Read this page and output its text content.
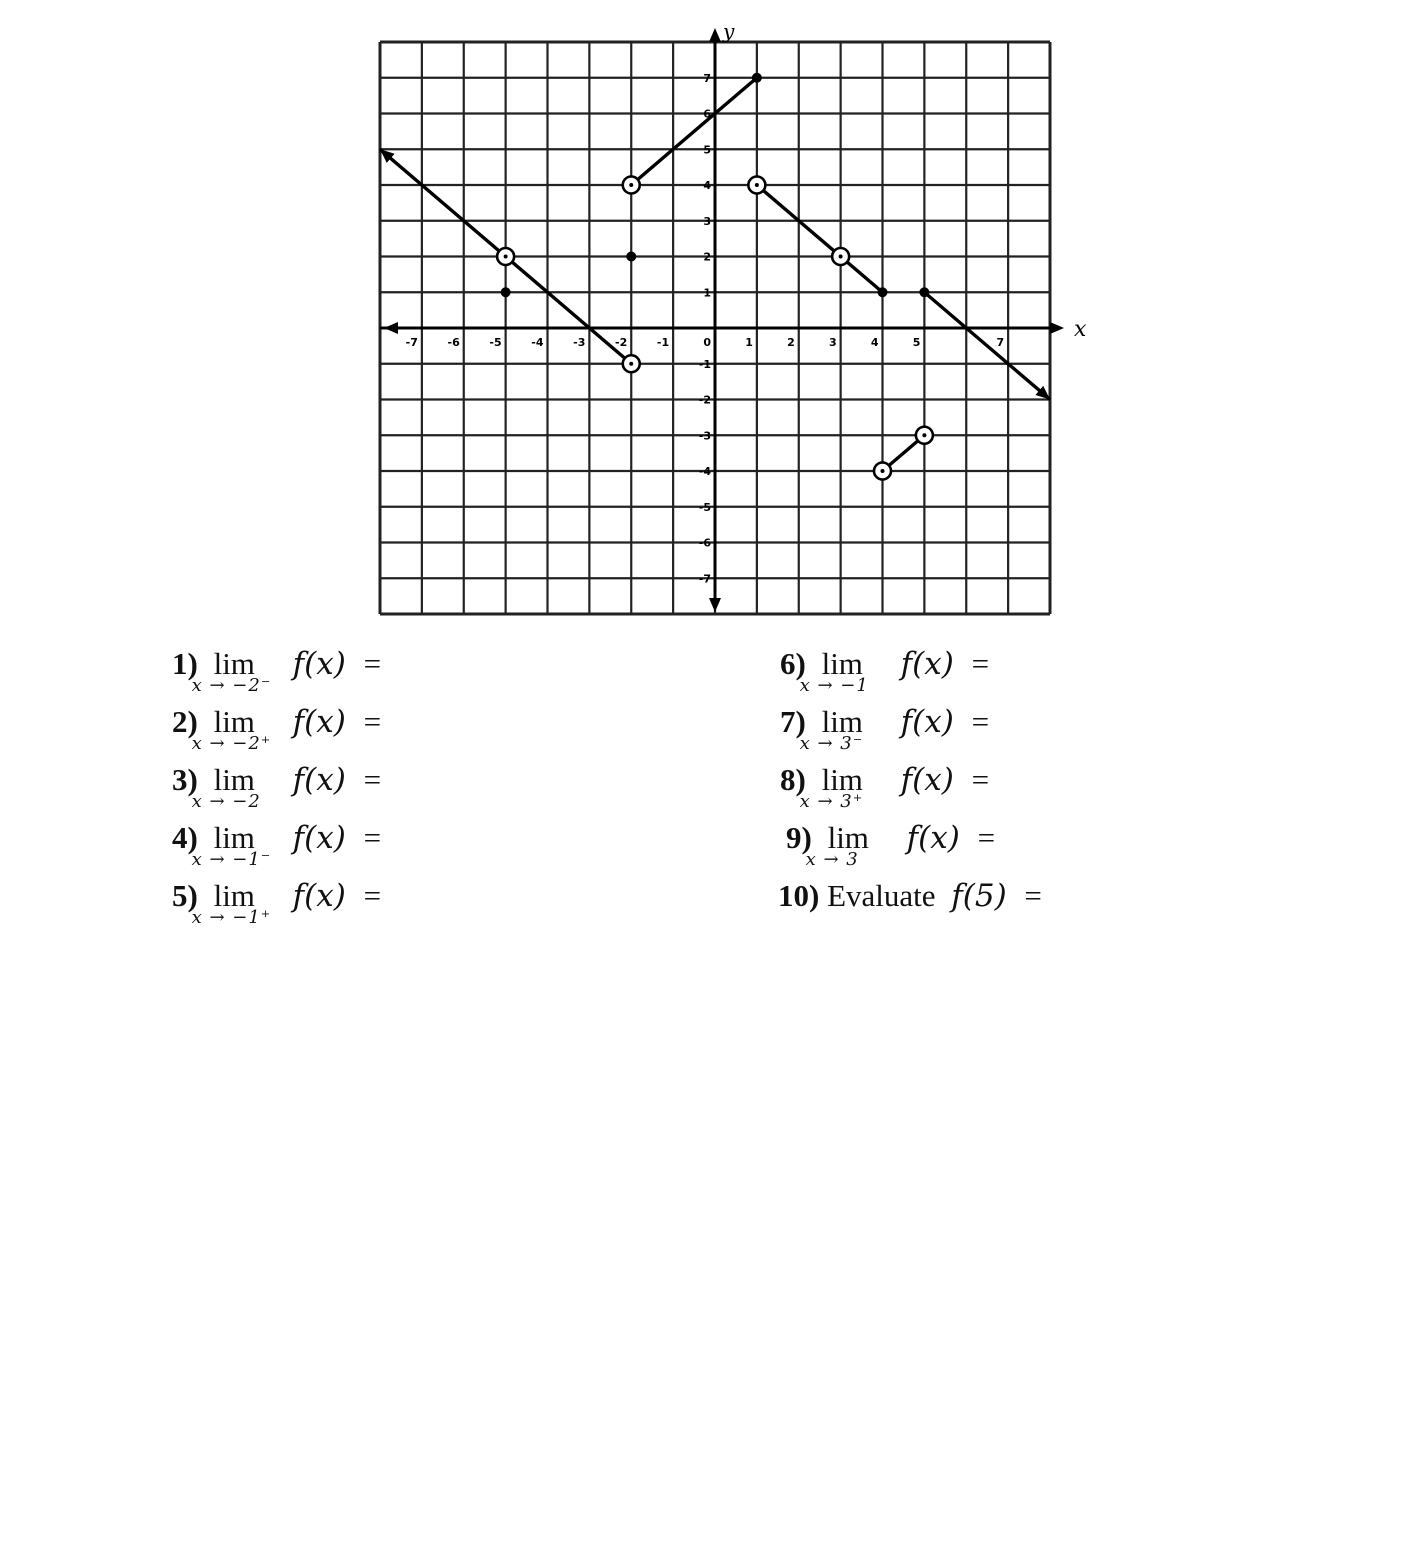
x
y
-7	-6	-5	-4	-3	-2	-1	0	1	2	3	4	5	7
7
6
5
4
3
2
1
-1
-2
-3
-4
-5
-6
-7
1) lim
x → −2⁻
f(x) =
2) lim
x → −2⁺
f(x) =
3) lim
x → −2
f(x) =
4) lim
x → −1⁻
f(x) =
5) lim
x → −1⁺
f(x) =
6) lim
x → −1
f(x) =
7) lim
x → 3⁻
f(x) =
8) lim
x → 3⁺
f(x) =
9) lim
x → 3
f(x) =
10) Evaluate f(5) =
